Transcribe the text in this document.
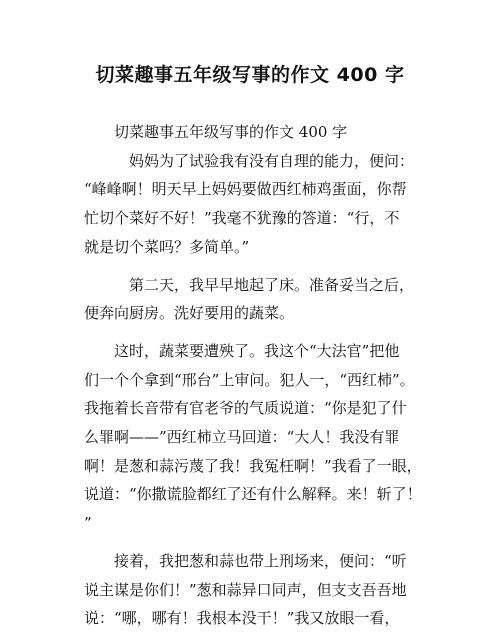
切菜趣事五年级写事的作文 400 字

　　切菜趣事五年级写事的作文 400 字

　　　妈妈为了试验我有没有自理的能力，便问：

“峰峰啊！明天早上妈妈要做西红柿鸡蛋面，你帮

忙切个菜好不好！”我毫不犹豫的答道：“行，不

就是切个菜吗？多简单。”

　　　第二天，我早早地起了床。准备妥当之后，

便奔向厨房。洗好要用的蔬菜。

　　这时，蔬菜要遭殃了。我这个“大法官”把他

们一个个拿到“邢台”上审问。犯人一，“西红柿”。

我拖着长音带有官老爷的气质说道：“你是犯了什

么罪啊——”西红柿立马回道：“大人！我没有罪

啊！是葱和蒜污蔑了我！我冤枉啊！”我看了一眼，

说道：“你撒谎脸都红了还有什么解释。来！斩了！

”

　　接着，我把葱和蒜也带上刑场来，便问：“听

说主谋是你们！”葱和蒜异口同声，但支支吾吾地

说：“哪，哪有！我根本没干！”我又放眼一看，
